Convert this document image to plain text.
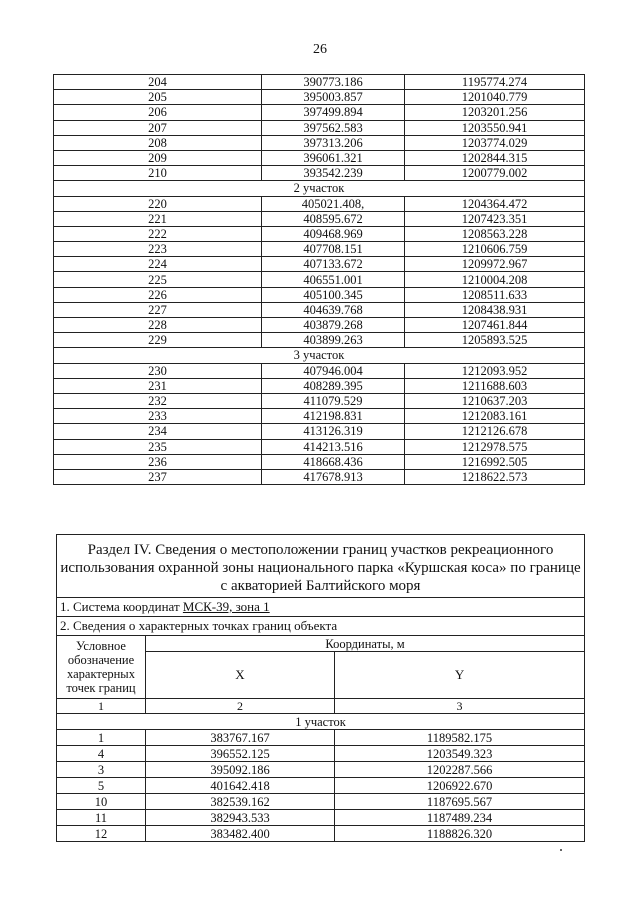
26
204	390773.186	1195774.274
205	395003.857	1201040.779
206	397499.894	1203201.256
207	397562.583	1203550.941
208	397313.206	1203774.029
209	396061.321	1202844.315
210	393542.239	1200779.002
2 участок		
220	405021.408,	1204364.472
221	408595.672	1207423.351
222	409468.969	1208563.228
223	407708.151	1210606.759
224	407133.672	1209972.967
225	406551.001	1210004.208
226	405100.345	1208511.633
227	404639.768	1208438.931
228	403879.268	1207461.844
229	403899.263	1205893.525
3 участок		
230	407946.004	1212093.952
231	408289.395	1211688.603
232	411079.529	1210637.203
233	412198.831	1212083.161
234	413126.319	1212126.678
235	414213.516	1212978.575
236	418668.436	1216992.505
237	417678.913	1218622.573
Раздел IV. Сведения о местоположении границ участков рекреационного использования охранной зоны национального парка «Куршская коса» по границе с акваторией Балтийского моря		
1. Система координат МСК-39, зона 1		
2. Сведения о характерных точках границ объекта		
Условное обозначение характерных точек границ	Координаты, м	
	X	Y
1	2	3
1 участок		
1	383767.167	1189582.175
4	396552.125	1203549.323
3	395092.186	1202287.566
5	401642.418	1206922.670
10	382539.162	1187695.567
11	382943.533	1187489.234
12	383482.400	1188826.320
